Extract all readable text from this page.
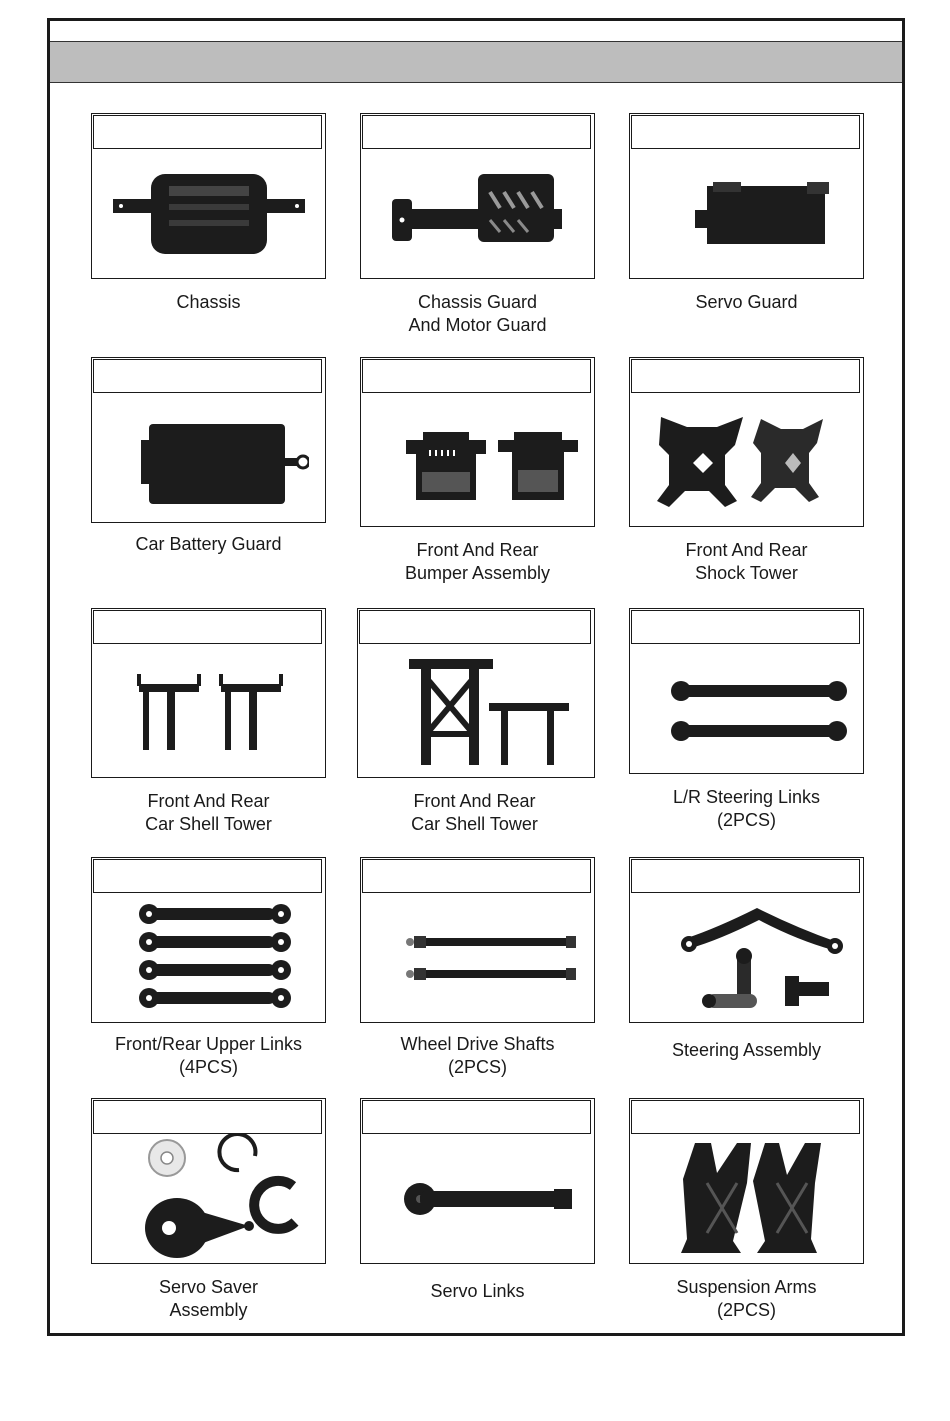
Chassis	Chassis Guard
And Motor Guard
Servo Guard
Car Battery Guard	Front And Rear
Bumper Assembly
Front And Rear
Shock Tower
Front And Rear
Car Shell Tower
Front And Rear
Car Shell Tower
L/R Steering Links
(2PCS)
Front/Rear Upper Links
(4PCS)
Wheel Drive Shafts
(2PCS)
Steering Assembly
Servo Saver
Assembly
Servo Links	Suspension Arms
(2PCS)
